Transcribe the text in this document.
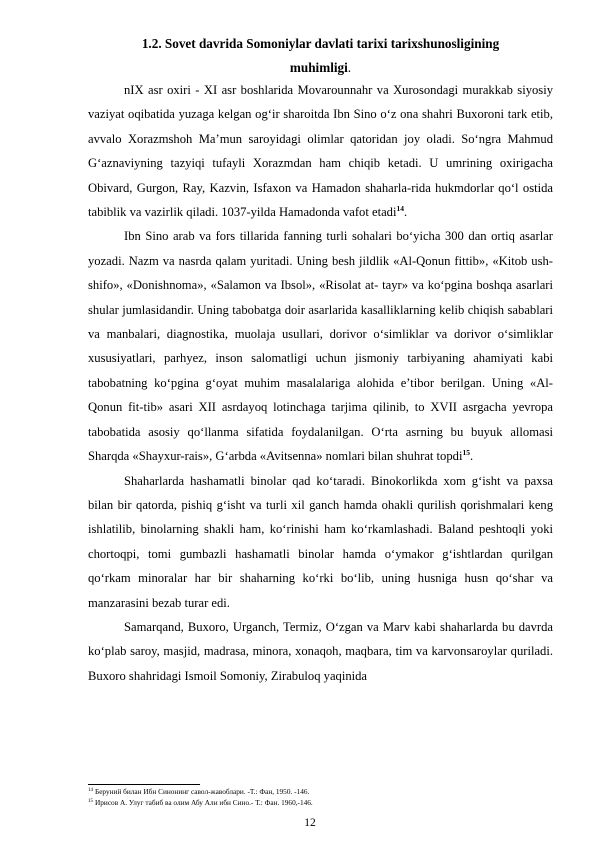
1.2. Sovet davrida Somoniylar davlati tarixi tarixshunosligining
muhimligi.

nIX asr oxiri - XI asr boshlarida Movarounnahr va Xurosondagi murakkab siyosiy vaziyat oqibatida yuzaga kelgan og‘ir sharoitda Ibn Sino o‘z ona shahri Buxoroni tark etib, avvalo Xorazmshoh Ma’mun saroyidagi olimlar qatoridan joy oladi. So‘ngra Mahmud G‘aznaviyning tazyiqi tufayli Xorazmdan ham chiqib ketadi. U umrining oxirigacha Obivard, Gurgon, Ray, Kazvin, Isfaxon va Hamadon shaharla-rida hukmdorlar qo‘l ostida tabiblik va vazirlik qiladi. 1037-yilda Hamadonda vafot etadi$^{14}$.

Ibn Sino arab va fors tillarida fanning turli sohalari bo‘yicha 300 dan ortiq asarlar yozadi. Nazm va nasrda qalam yuritadi. Uning besh jildlik «Al-Qonun fittib», «Kitob ush-shifo», «Donishnoma», «Salamon va Ibsol», «Risolat at- tayr» va ko‘pgina boshqa asarlari shular jumlasidandir. Uning tabobatga doir asarlarida kasalliklarning kelib chiqish sabablari va manbalari, diagnostika, muolaja usullari, dorivor o‘simliklar va dorivor o‘simliklar xususiyatlari, parhyez, inson salomatligi uchun jismoniy tarbiyaning ahamiyati kabi tabobatning ko‘pgina g‘oyat muhim masalalariga alohida e’tibor berilgan. Uning «Al-Qonun fit-tib» asari XII asrdayoq lotinchaga tarjima qilinib, to XVII asrgacha yevropa tabobatida asosiy qo‘llanma sifatida foydalanilgan. O‘rta asrning bu buyuk allomasi Sharqda «Shayxur-rais», G‘arbda «Avitsenna» nomlari bilan shuhrat topdi$^{15}$.

Shaharlarda hashamatli binolar qad ko‘taradi. Binokorlikda xom g‘isht va paxsa bilan bir qatorda, pishiq g‘isht va turli xil ganch hamda ohakli qurilish qorishmalari keng ishlatilib, binolarning shakli ham, ko‘rinishi ham ko‘rkamlashadi. Baland peshtoqli yoki chortoqpi, tomi gumbazli hashamatli binolar hamda o‘ymakor g‘ishtlardan qurilgan qo‘rkam minoralar har bir shaharning ko‘rki bo‘lib, uning husniga husn qo‘shar va manzarasini bezab turar edi.

Samarqand, Buxoro, Urganch, Termiz, O‘zgan va Marv kabi shaharlarda bu davrda ko‘plab saroy, masjid, madrasa, minora, xonaqoh, maqbara, tim va karvonsaroylar quriladi. Buxoro shahridagi Ismoil Somoniy, Zirabuloq yaqinida

$^{14}$ Беруний билан Ибн Синонинг савол-жавоблари. -Т.: Фан, 1950. -146.
$^{15}$ Ирисов А. Улуг табиб ва олим Абу Али ибн Сино.- Т.: Фан. 1960,-146.
12
